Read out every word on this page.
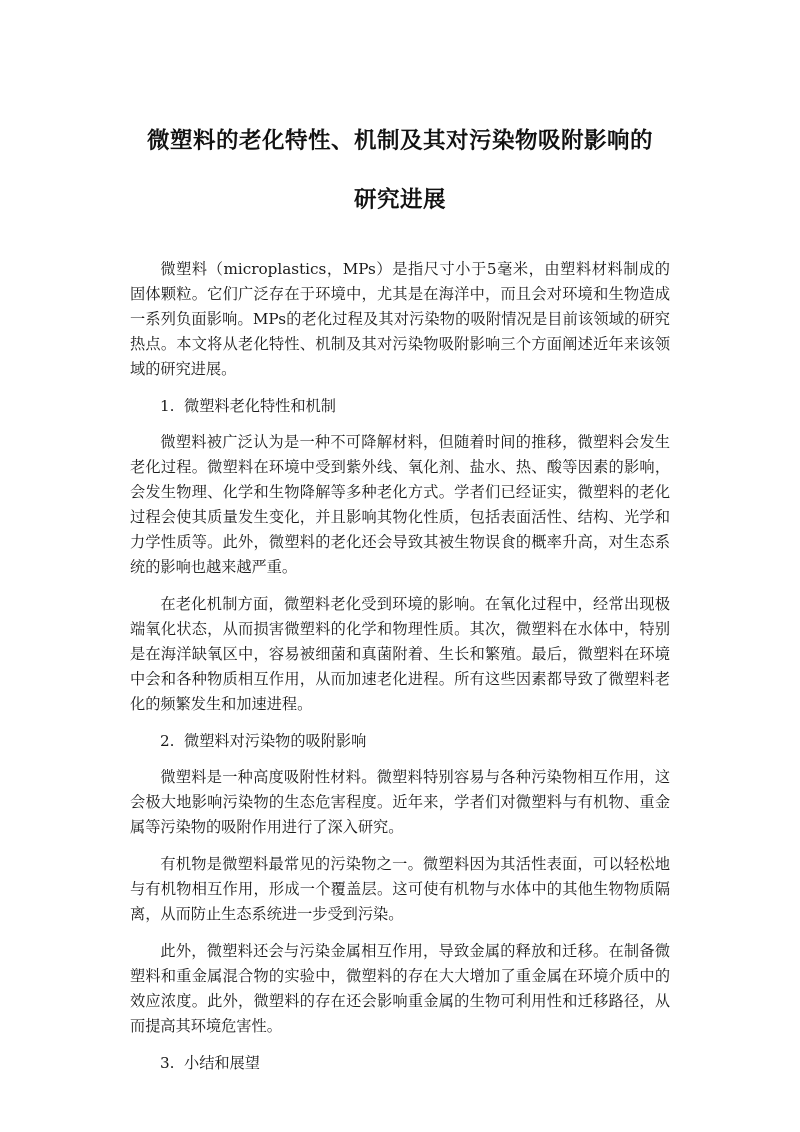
微塑料的老化特性、机制及其对污染物吸附影响的
研究进展

微塑料（microplastics，MPs）是指尺寸小于5毫米，由塑料材料制成的固体颗粒。它们广泛存在于环境中，尤其是在海洋中，而且会对环境和生物造成一系列负面影响。MPs的老化过程及其对污染物的吸附情况是目前该领域的研究热点。本文将从老化特性、机制及其对污染物吸附影响三个方面阐述近年来该领域的研究进展。

1. 微塑料老化特性和机制

微塑料被广泛认为是一种不可降解材料，但随着时间的推移，微塑料会发生老化过程。微塑料在环境中受到紫外线、氧化剂、盐水、热、酸等因素的影响，会发生物理、化学和生物降解等多种老化方式。学者们已经证实，微塑料的老化过程会使其质量发生变化，并且影响其物化性质，包括表面活性、结构、光学和力学性质等。此外，微塑料的老化还会导致其被生物误食的概率升高，对生态系统的影响也越来越严重。

在老化机制方面，微塑料老化受到环境的影响。在氧化过程中，经常出现极端氧化状态，从而损害微塑料的化学和物理性质。其次，微塑料在水体中，特别是在海洋缺氧区中，容易被细菌和真菌附着、生长和繁殖。最后，微塑料在环境中会和各种物质相互作用，从而加速老化进程。所有这些因素都导致了微塑料老化的频繁发生和加速进程。

2. 微塑料对污染物的吸附影响

微塑料是一种高度吸附性材料。微塑料特别容易与各种污染物相互作用，这会极大地影响污染物的生态危害程度。近年来，学者们对微塑料与有机物、重金属等污染物的吸附作用进行了深入研究。

有机物是微塑料最常见的污染物之一。微塑料因为其活性表面，可以轻松地与有机物相互作用，形成一个覆盖层。这可使有机物与水体中的其他生物物质隔离，从而防止生态系统进一步受到污染。

此外，微塑料还会与污染金属相互作用，导致金属的释放和迁移。在制备微塑料和重金属混合物的实验中，微塑料的存在大大增加了重金属在环境介质中的效应浓度。此外，微塑料的存在还会影响重金属的生物可利用性和迁移路径，从而提高其环境危害性。

3. 小结和展望
